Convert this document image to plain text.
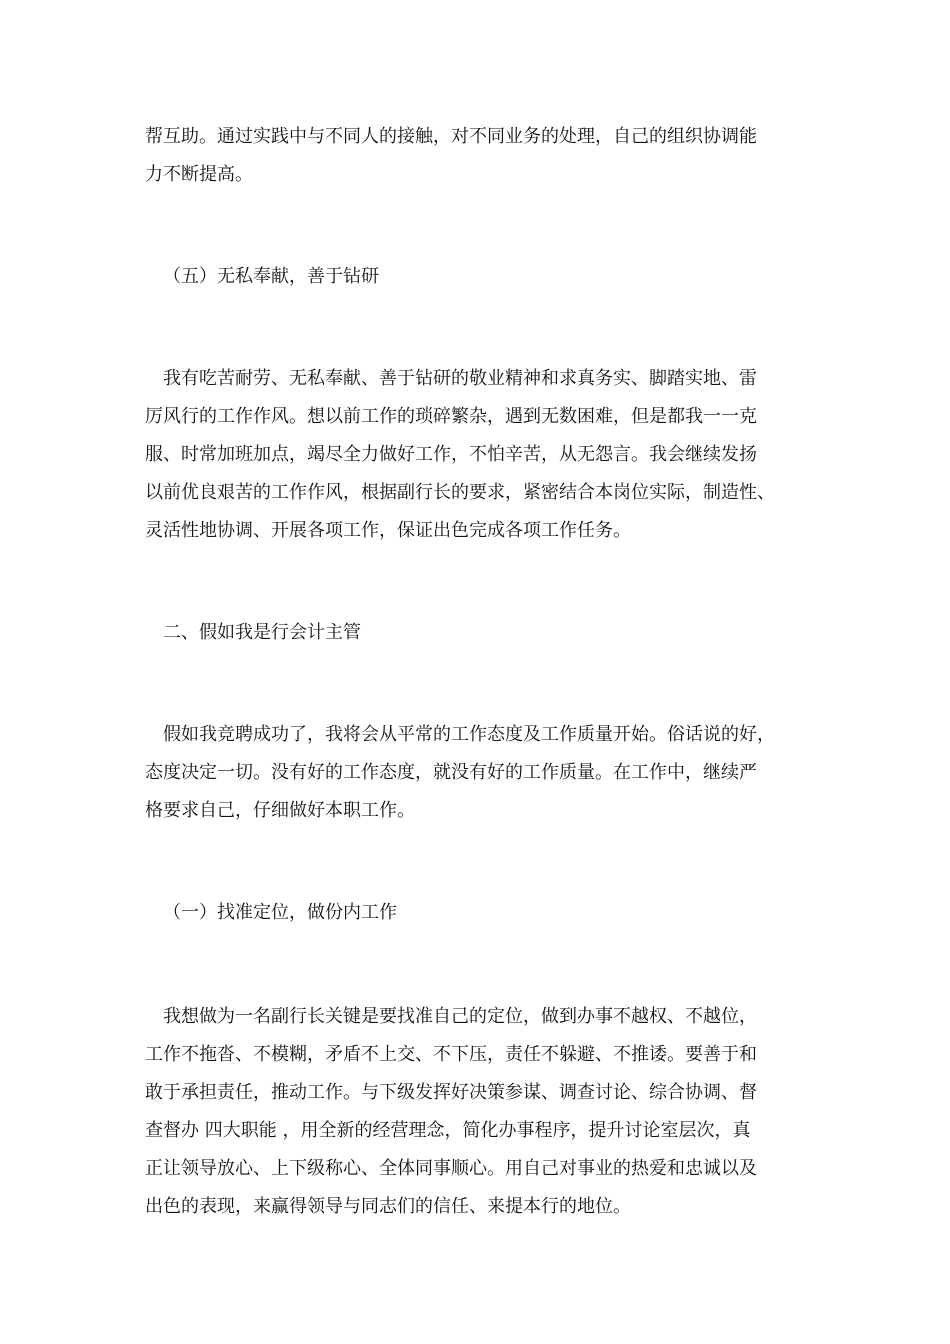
帮互助。通过实践中与不同人的接触，对不同业务的处理，自己的组织协调能
力不断提高。
（五）无私奉献，善于钻研
我有吃苦耐劳、无私奉献、善于钻研的敬业精神和求真务实、脚踏实地、雷
厉风行的工作作风。想以前工作的琐碎繁杂，遇到无数困难，但是都我一一克
服、时常加班加点，竭尽全力做好工作，不怕辛苦，从无怨言。我会继续发扬
以前优良艰苦的工作作风，根据副行长的要求，紧密结合本岗位实际，制造性、
灵活性地协调、开展各项工作，保证出色完成各项工作任务。
二、假如我是行会计主管
假如我竞聘成功了，我将会从平常的工作态度及工作质量开始。俗话说的好，
态度决定一切。没有好的工作态度，就没有好的工作质量。在工作中，继续严
格要求自己，仔细做好本职工作。
（一）找准定位，做份内工作
我想做为一名副行长关键是要找准自己的定位，做到办事不越权、不越位，
工作不拖沓、不模糊，矛盾不上交、不下压，责任不躲避、不推诿。要善于和
敢于承担责任，推动工作。与下级发挥好决策参谋、调查讨论、综合协调、督
查督办 四大职能 ，用全新的经营理念，简化办事程序，提升讨论室层次，真
正让领导放心、上下级称心、全体同事顺心。用自己对事业的热爱和忠诚以及
出色的表现，来赢得领导与同志们的信任、来提本行的地位。
